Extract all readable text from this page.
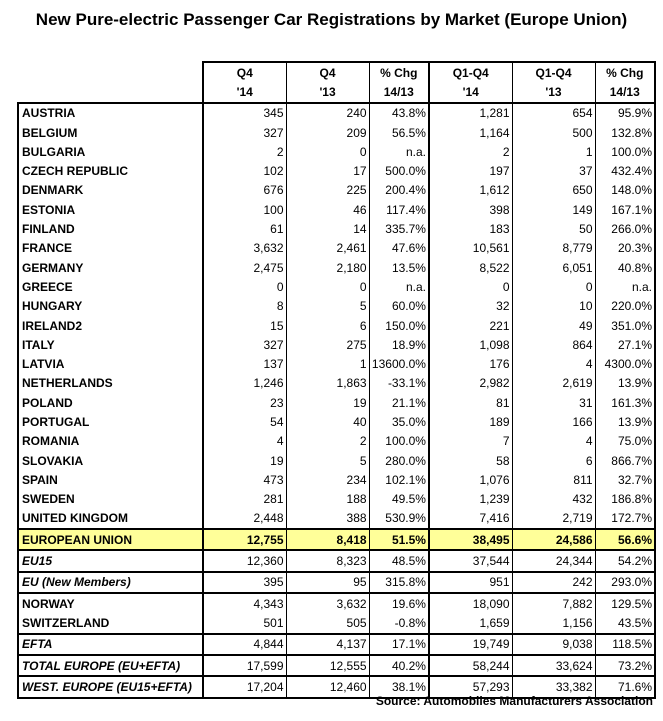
New Pure-electric Passenger Car Registrations by Market (Europe Union)
	Q4	Q4	% Chg	Q1-Q4	Q1-Q4	% Chg
	'14	'13	14/13	'14	'13	14/13
AUSTRIA	345	240	43.8%	1,281	654	95.9%
BELGIUM	327	209	56.5%	1,164	500	132.8%
BULGARIA	2	0	n.a.	2	1	100.0%
CZECH REPUBLIC	102	17	500.0%	197	37	432.4%
DENMARK	676	225	200.4%	1,612	650	148.0%
ESTONIA	100	46	117.4%	398	149	167.1%
FINLAND	61	14	335.7%	183	50	266.0%
FRANCE	3,632	2,461	47.6%	10,561	8,779	20.3%
GERMANY	2,475	2,180	13.5%	8,522	6,051	40.8%
GREECE	0	0	n.a.	0	0	n.a.
HUNGARY	8	5	60.0%	32	10	220.0%
IRELAND2	15	6	150.0%	221	49	351.0%
ITALY	327	275	18.9%	1,098	864	27.1%
LATVIA	137	1	13600.0%	176	4	4300.0%
NETHERLANDS	1,246	1,863	-33.1%	2,982	2,619	13.9%
POLAND	23	19	21.1%	81	31	161.3%
PORTUGAL	54	40	35.0%	189	166	13.9%
ROMANIA	4	2	100.0%	7	4	75.0%
SLOVAKIA	19	5	280.0%	58	6	866.7%
SPAIN	473	234	102.1%	1,076	811	32.7%
SWEDEN	281	188	49.5%	1,239	432	186.8%
UNITED KINGDOM	2,448	388	530.9%	7,416	2,719	172.7%
EUROPEAN UNION	12,755	8,418	51.5%	38,495	24,586	56.6%
EU15	12,360	8,323	48.5%	37,544	24,344	54.2%
EU (New Members)	395	95	315.8%	951	242	293.0%
NORWAY	4,343	3,632	19.6%	18,090	7,882	129.5%
SWITZERLAND	501	505	-0.8%	1,659	1,156	43.5%
EFTA	4,844	4,137	17.1%	19,749	9,038	118.5%
TOTAL EUROPE (EU+EFTA)	17,599	12,555	40.2%	58,244	33,624	73.2%
WEST. EUROPE (EU15+EFTA)	17,204	12,460	38.1%	57,293	33,382	71.6%
Source: Automobiles Manufacturers Association
